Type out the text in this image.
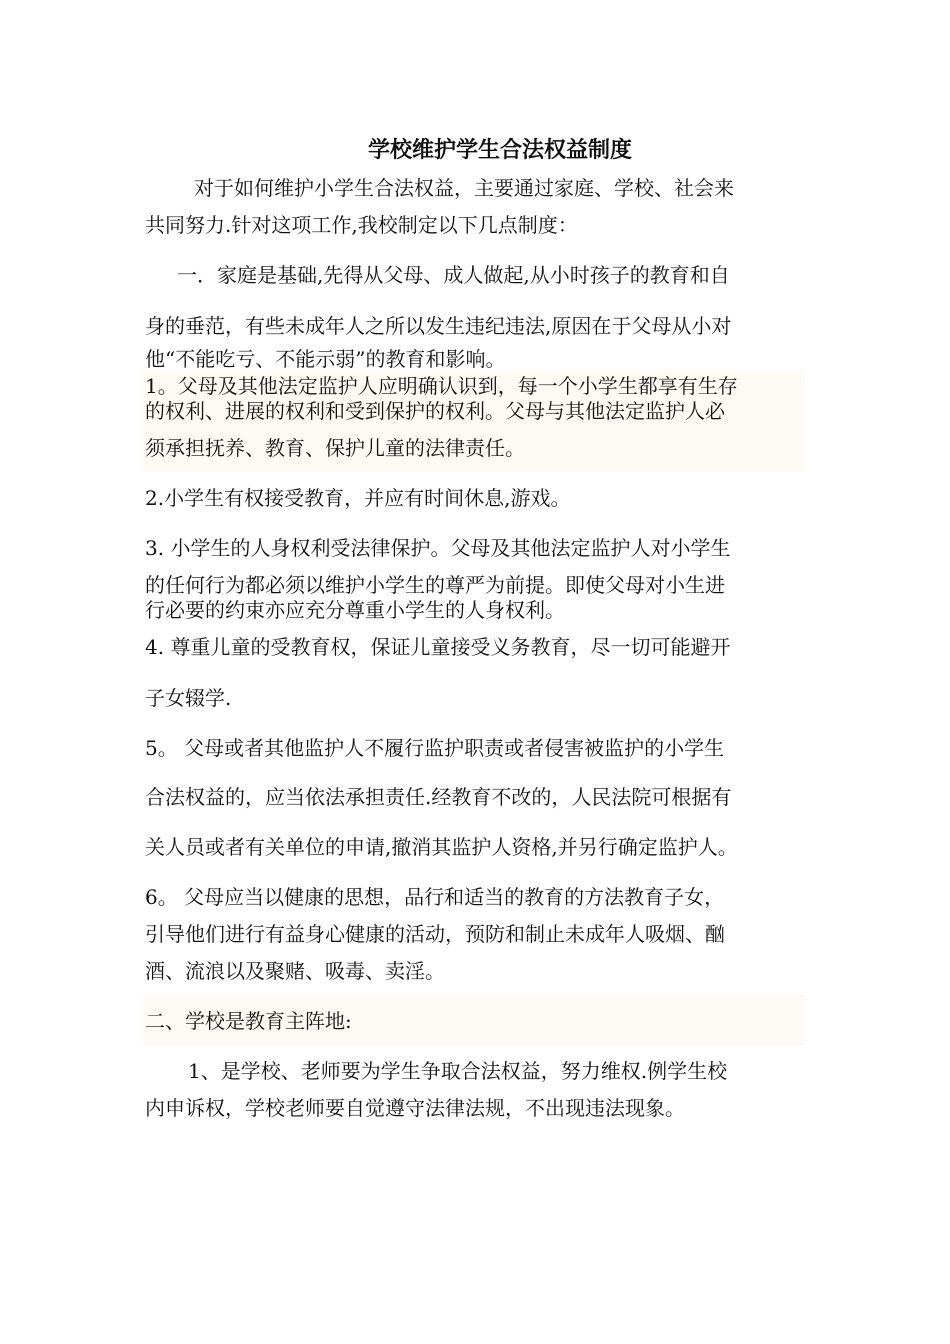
学校维护学生合法权益制度
对于如何维护小学生合法权益，主要通过家庭、学校、社会来
共同努力.针对这项工作,我校制定以下几点制度：
一．家庭是基础,先得从父母、成人做起,从小时孩子的教育和自
身的垂范，有些未成年人之所以发生违纪违法,原因在于父母从小对
他“不能吃亏、不能示弱”的教育和影响。
1。父母及其他法定监护人应明确认识到，每一个小学生都享有生存
的权利、进展的权利和受到保护的权利。父母与其他法定监护人必
须承担抚养、教育、保护儿童的法律责任。
2.小学生有权接受教育，并应有时间休息,游戏。
3. 小学生的人身权利受法律保护。父母及其他法定监护人对小学生
的任何行为都必须以维护小学生的尊严为前提。即使父母对小生进
行必要的约束亦应充分尊重小学生的人身权利。
4. 尊重儿童的受教育权，保证儿童接受义务教育，尽一切可能避开
子女辍学.
5。 父母或者其他监护人不履行监护职责或者侵害被监护的小学生
合法权益的，应当依法承担责任.经教育不改的，人民法院可根据有
关人员或者有关单位的申请,撤消其监护人资格,并另行确定监护人。
6。 父母应当以健康的思想，品行和适当的教育的方法教育子女，
引导他们进行有益身心健康的活动，预防和制止未成年人吸烟、酗
酒、流浪以及聚赌、吸毒、卖淫。
二、学校是教育主阵地:
1、是学校、老师要为学生争取合法权益，努力维权.例学生校
内申诉权，学校老师要自觉遵守法律法规，不出现违法现象。
